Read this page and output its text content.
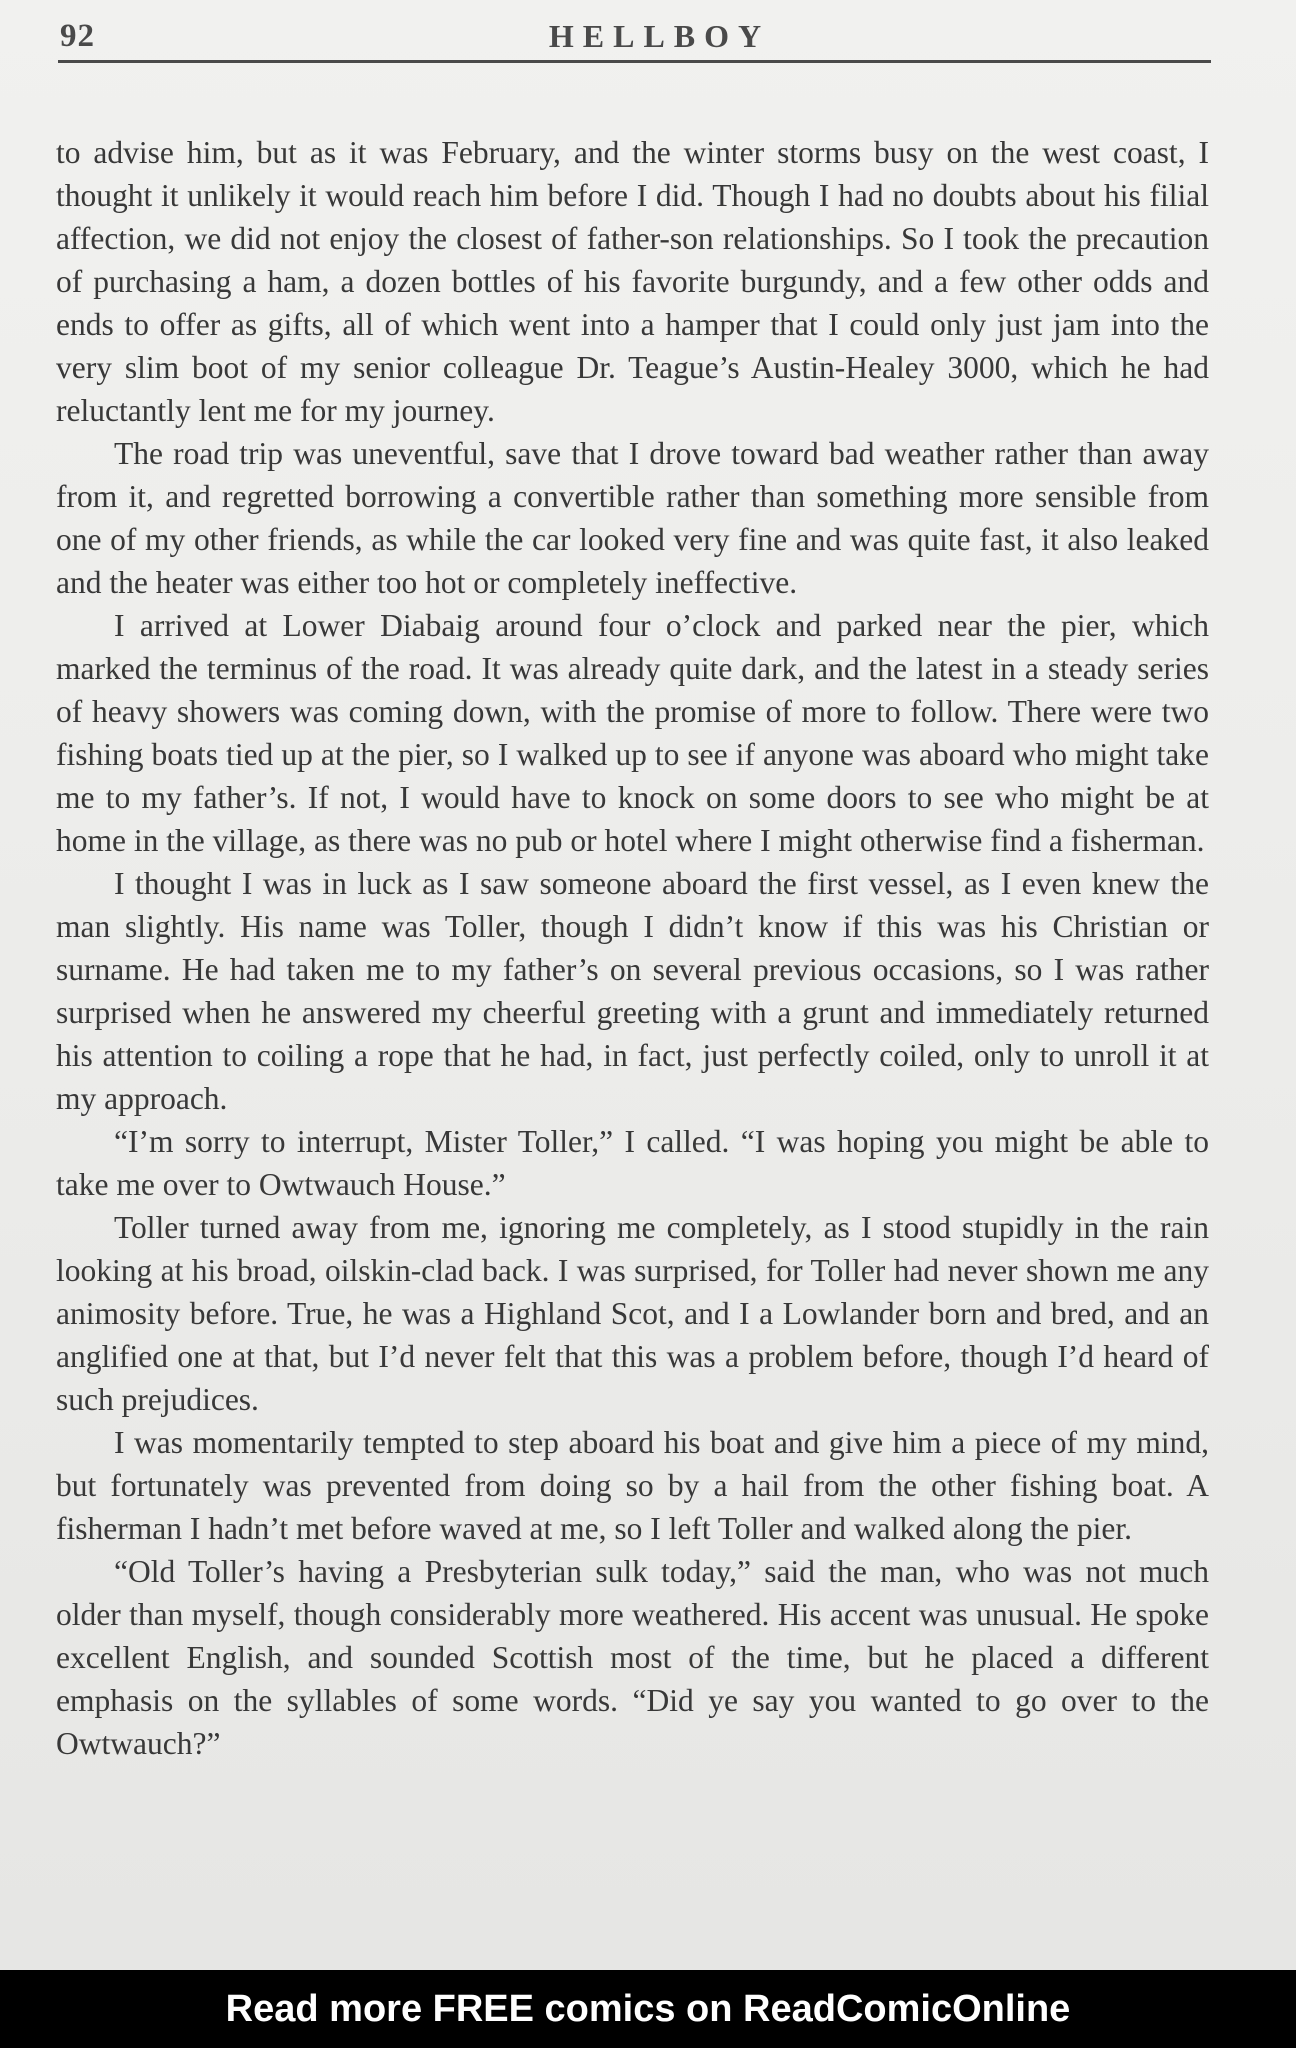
92	HELLBOY

to advise him, but as it was February, and the winter storms busy on the west coast, I thought it unlikely it would reach him before I did. Though I had no doubts about his filial affection, we did not enjoy the closest of father-son relationships. So I took the precaution of purchasing a ham, a dozen bottles of his favorite burgundy, and a few other odds and ends to offer as gifts, all of which went into a hamper that I could only just jam into the very slim boot of my senior colleague Dr. Teague’s Austin-Healey 3000, which he had reluctantly lent me for my journey.

The road trip was uneventful, save that I drove toward bad weather rather than away from it, and regretted borrowing a convertible rather than something more sensible from one of my other friends, as while the car looked very fine and was quite fast, it also leaked and the heater was either too hot or completely ineffective.

I arrived at Lower Diabaig around four o’clock and parked near the pier, which marked the terminus of the road. It was already quite dark, and the latest in a steady series of heavy showers was coming down, with the promise of more to follow. There were two fishing boats tied up at the pier, so I walked up to see if anyone was aboard who might take me to my father’s. If not, I would have to knock on some doors to see who might be at home in the village, as there was no pub or hotel where I might otherwise find a fisherman.

I thought I was in luck as I saw someone aboard the first vessel, as I even knew the man slightly. His name was Toller, though I didn’t know if this was his Christian or surname. He had taken me to my father’s on several previous occasions, so I was rather surprised when he answered my cheerful greeting with a grunt and immediately returned his attention to coiling a rope that he had, in fact, just perfectly coiled, only to unroll it at my approach.

“I’m sorry to interrupt, Mister Toller,” I called. “I was hoping you might be able to take me over to Owtwauch House.”

Toller turned away from me, ignoring me completely, as I stood stupidly in the rain looking at his broad, oilskin-clad back. I was surprised, for Toller had never shown me any animosity before. True, he was a Highland Scot, and I a Lowlander born and bred, and an anglified one at that, but I’d never felt that this was a problem before, though I’d heard of such prejudices.

I was momentarily tempted to step aboard his boat and give him a piece of my mind, but fortunately was prevented from doing so by a hail from the other fishing boat. A fisherman I hadn’t met before waved at me, so I left Toller and walked along the pier.

“Old Toller’s having a Presbyterian sulk today,” said the man, who was not much older than myself, though considerably more weathered. His accent was unusual. He spoke excellent English, and sounded Scottish most of the time, but he placed a different emphasis on the syllables of some words. “Did ye say you wanted to go over to the Owtwauch?”

Read more FREE comics on ReadComicOnline
